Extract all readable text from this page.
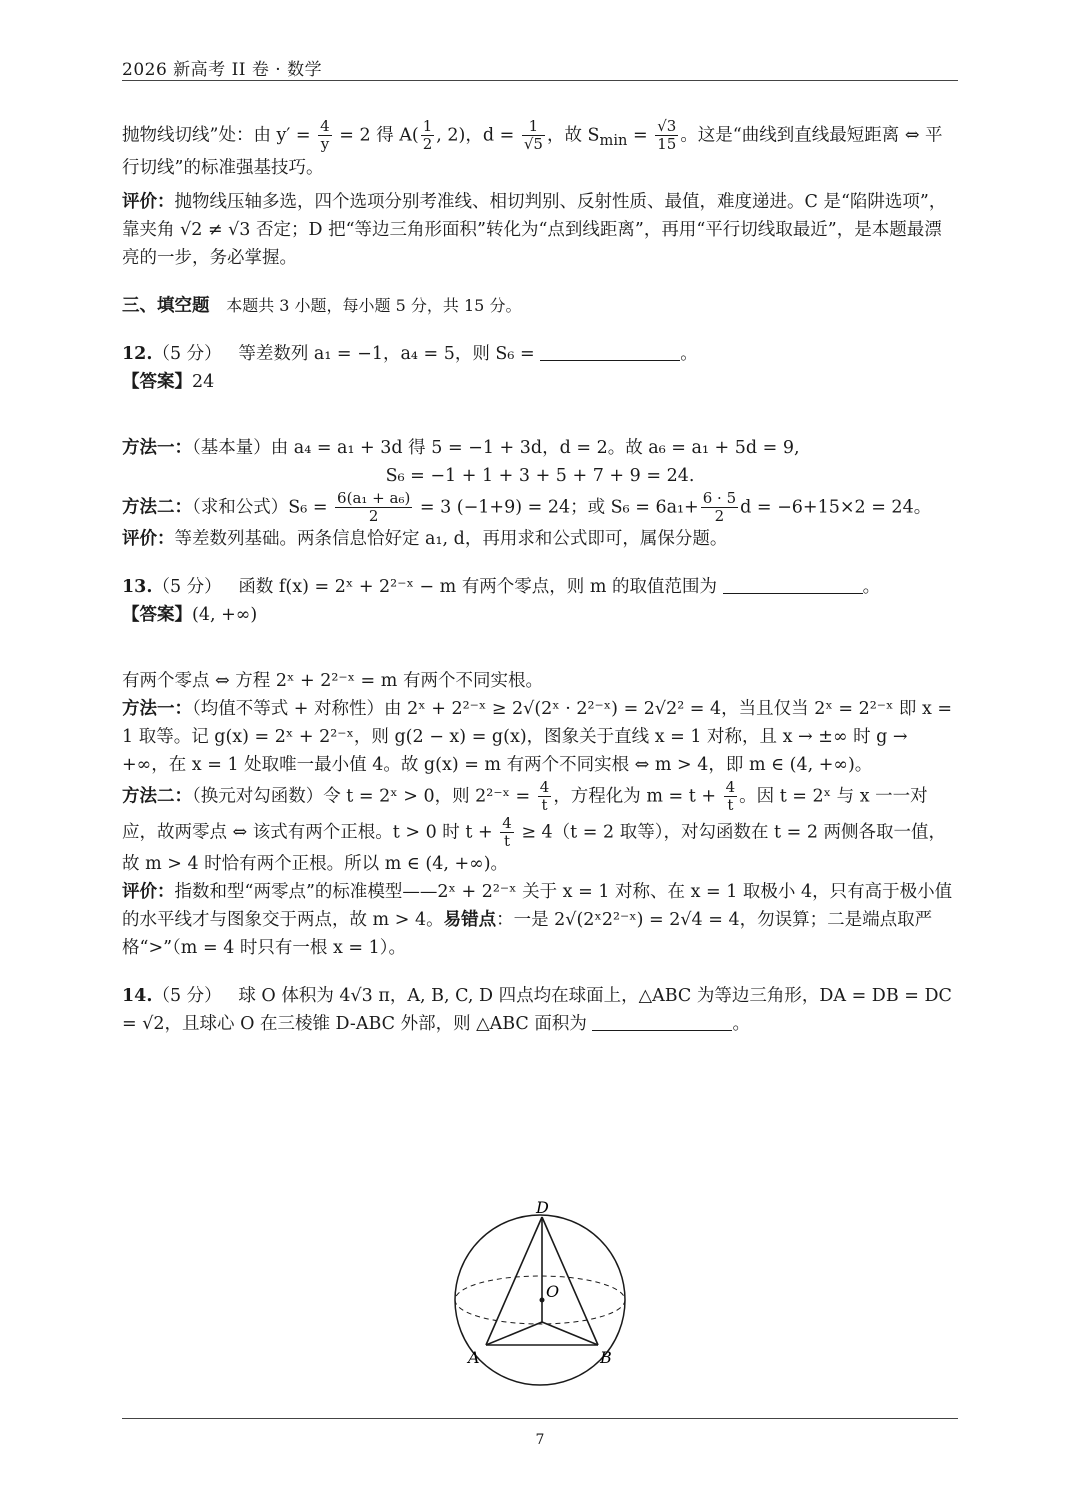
2026 新高考 II 卷 · 数学

抛物线切线”处：由 $y' = \frac{4}{y} = 2$ 得 $A( \frac{1}{2}$ , 2)，$d = \frac{1}{√5}$ ，故 $S_{min} = \frac{√3}{15}$ 。这是“曲线到直线最短距离 ⇔ 平行切线”的标准强基技巧。

评价：抛物线压轴多选，四个选项分别考准线、相切判别、反射性质、最值，难度递进。C 是“陷阱选项”，靠夹角 √2 ≠ √3 否定；D 把“等边三角形面积”转化为“点到线距离”，再用“平行切线取最近”，是本题最漂亮的一步，务必掌握。

三、填空题 本题共 3 小题，每小题 5 分，共 15 分。

12.（5 分） 等差数列 a₁ = −1，a₄ = 5，则 S₆ =	。

【答案】24

方法一：（基本量）由 a₄ = a₁ + 3d 得 5 = −1 + 3d，d = 2。故 a₆ = a₁ + 5d = 9,

S₆ = −1 + 1 + 3 + 5 + 7 + 9 = 24.

方法二：（求和公式）$S_6 = \frac{\text{6(a₁ + a₆)}}{2} = 3$ (−1+9) = 24；或 $S_6 = 6a_1+ \frac{6 \cdot 5}{2}$ d = −6+15×2 = 24。

评价：等差数列基础。两条信息恰好定 a₁, d，再用求和公式即可，属保分题。

13.（5 分） 函数 f(x) = 2ˣ + 2²⁻ˣ − m 有两个零点，则 m 的取值范围为	。

【答案】(4, +∞)

有两个零点 ⇔ 方程 2ˣ + 2²⁻ˣ = m 有两个不同实根。

方法一：（均值不等式 + 对称性）由 2ˣ + 2²⁻ˣ ≥ 2√(2ˣ · 2²⁻ˣ) = 2√2² = 4，当且仅当 2ˣ = 2²⁻ˣ 即 x = 1 取等。记 g(x) = 2ˣ + 2²⁻ˣ，则 g(2 − x) = g(x)，图象关于直线 x = 1 对称，且 x → ±∞ 时 g → +∞，在 x = 1 处取唯一最小值 4。故 g(x) = m 有两个不同实根 ⇔ m > 4，即 m ∈ (4, +∞)。

方法二：（换元对勾函数）令 t = 2ˣ > 0，则 2²⁻ˣ = $\frac{4}{t}$ ，方程化为 $m = t + \frac{4}{t}$ 。因 t = 2ˣ 与 x 一一对应，故两零点 ⇔ 该式有两个正根。t > 0 时 $t + \frac{4}{t} \ge 4(t = 2$ 取等），对勾函数在 t = 2 两侧各取一值，故 m > 4 时恰有两个正根。所以 m ∈ (4, +∞)。

评价：指数和型“两零点”的标准模型——2ˣ + 2²⁻ˣ 关于 x = 1 对称、在 x = 1 取极小 4，只有高于极小值的水平线才与图象交于两点，故 m > 4。易错点：一是 2√(2ˣ2²⁻ˣ) = 2√4 = 4，勿误算；二是端点取严格“>”（m = 4 时只有一根 x = 1）。

14.（5 分） 球 O 体积为 4√3 π，A, B, C, D 四点均在球面上，△ABC 为等边三角形，DA = DB = DC = √2，且球心 O 在三棱锥 D-ABC 外部，则 △ABC 面积为	。

D
O
A	B
7
